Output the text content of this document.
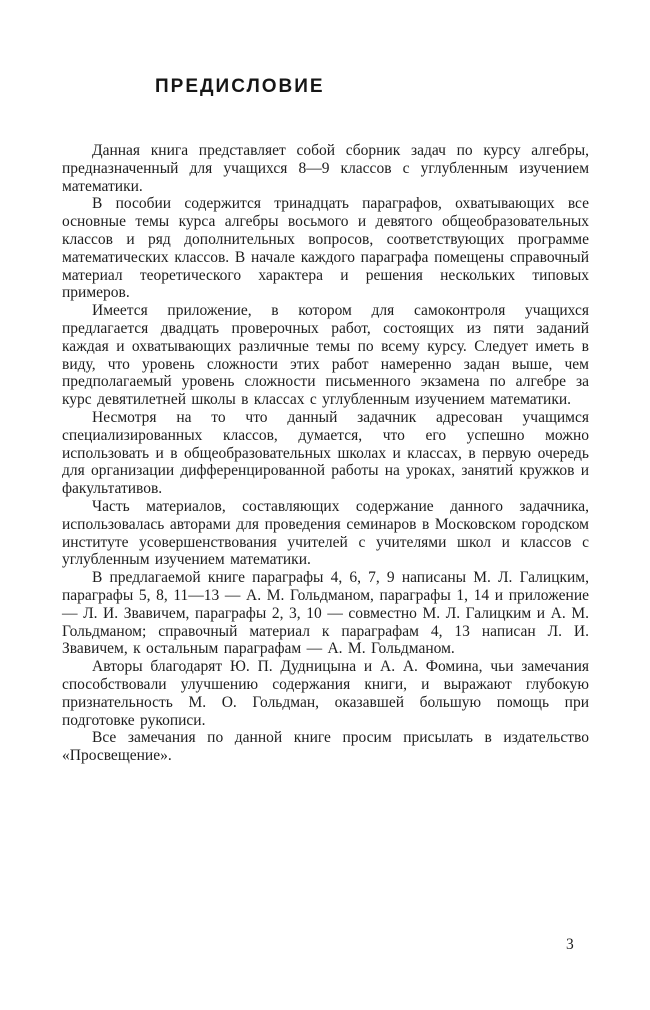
ПРЕДИСЛОВИЕ

Данная книга представляет собой сборник задач по курсу алгебры, предназначенный для учащихся 8—9 классов с углубленным изучением математики.

В пособии содержится тринадцать параграфов, охватывающих все основные темы курса алгебры восьмого и девятого общеобразовательных классов и ряд дополнительных вопросов, соответствующих программе математических классов. В начале каждого параграфа помещены справочный материал теоретического характера и решения нескольких типовых примеров.

Имеется приложение, в котором для самоконтроля учащихся предлагается двадцать проверочных работ, состоящих из пяти заданий каждая и охватывающих различные темы по всему курсу. Следует иметь в виду, что уровень сложности этих работ намеренно задан выше, чем предполагаемый уровень сложности письменного экзамена по алгебре за курс девятилетней школы в классах с углубленным изучением математики.

Несмотря на то что данный задачник адресован учащимся специализированных классов, думается, что его успешно можно использовать и в общеобразовательных школах и классах, в первую очередь для организации дифференцированной работы на уроках, занятий кружков и факультативов.

Часть материалов, составляющих содержание данного задачника, использовалась авторами для проведения семинаров в Московском городском институте усовершенствования учителей с учителями школ и классов с углубленным изучением математики.

В предлагаемой книге параграфы 4, 6, 7, 9 написаны М. Л. Галицким, параграфы 5, 8, 11—13 — А. М. Гольдманом, параграфы 1, 14 и приложение — Л. И. Звавичем, параграфы 2, 3, 10 — совместно М. Л. Галицким и А. М. Гольдманом; справочный материал к параграфам 4, 13 написан Л. И. Звавичем, к остальным параграфам — А. М. Гольдманом.

Авторы благодарят Ю. П. Дудницына и А. А. Фомина, чьи замечания способствовали улучшению содержания книги, и выражают глубокую признательность М. О. Гольдман, оказавшей большую помощь при подготовке рукописи.

Все замечания по данной книге просим присылать в издательство «Просвещение».

3
